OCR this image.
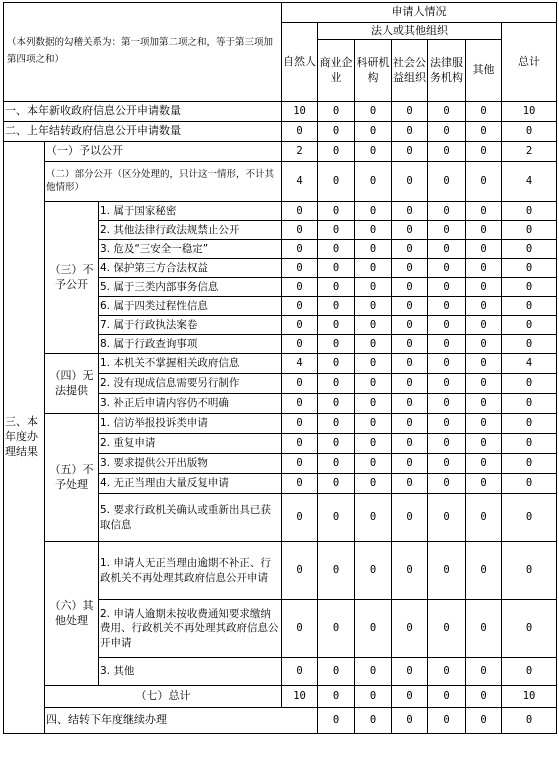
（本列数据的勾稽关系为：第一项加第二项之和，等于第三项加第四项之和）			申请人情况							
			自然人	法人或其他组织					总计	
				商业企业	科研机构	社会公益组织	法律服务机构	其他		
一、本年新收政府信息公开申请数量			10	0	0	0	0	0	10	
二、上年结转政府信息公开申请数量			0	0	0	0	0	0	0	
三、本年度办理结果	（一）予以公开		2	0	0	0	0	0	2	
	（二）部分公开（区分处理的，只计这一情形，不计其他情形）		4	0	0	0	0	0	4	
	（三）不予公开	1. 属于国家秘密	0	0	0	0	0	0	0	
		2. 其他法律行政法规禁止公开	0	0	0	0	0	0	0	
		3. 危及“三安全一稳定”	0	0	0	0	0	0	0	
		4. 保护第三方合法权益	0	0	0	0	0	0	0	
		5. 属于三类内部事务信息	0	0	0	0	0	0	0	
		6. 属于四类过程性信息	0	0	0	0	0	0	0	
		7. 属于行政执法案卷	0	0	0	0	0	0	0	
		8. 属于行政查询事项	0	0	0	0	0	0	0	
	（四）无法提供	1. 本机关不掌握相关政府信息	4	0	0	0	0	0	4	
		2. 没有现成信息需要另行制作	0	0	0	0	0	0	0	
		3. 补正后申请内容仍不明确	0	0	0	0	0	0	0	
	（五）不予处理	1. 信访举报投诉类申请	0	0	0	0	0	0	0	
		2. 重复申请	0	0	0	0	0	0	0	
		3. 要求提供公开出版物	0	0	0	0	0	0	0	
		4. 无正当理由大量反复申请	0	0	0	0	0	0	0	
		5. 要求行政机关确认或重新出具已获取信息	0	0	0	0	0	0	0	
	（六）其他处理	1. 申请人无正当理由逾期不补正、行政机关不再处理其政府信息公开申请	0	0	0	0	0	0	0	
		2. 申请人逾期未按收费通知要求缴纳费用、行政机关不再处理其政府信息公开申请	0	0	0	0	0	0	0	
		3. 其他	0	0	0	0	0	0	0	
	（七）总计		10	0	0	0	0	0	10	
	四、结转下年度继续办理			0	0	0	0	0	0	
